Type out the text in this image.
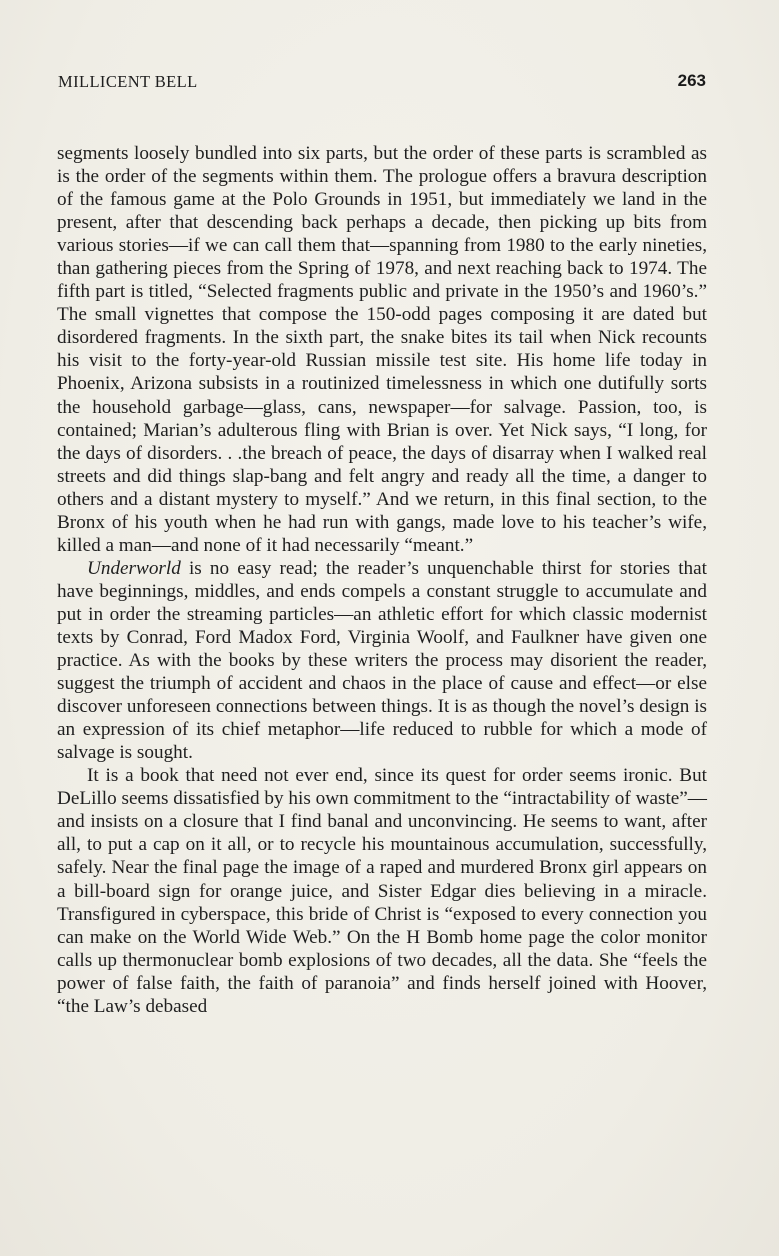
MILLICENT BELL	263

segments loosely bundled into six parts, but the order of these parts is scrambled as is the order of the segments within them. The prologue offers a bravura description of the famous game at the Polo Grounds in 1951, but immediately we land in the present, after that descending back perhaps a decade, then picking up bits from various stories—if we can call them that—spanning from 1980 to the early nineties, than gathering pieces from the Spring of 1978, and next reaching back to 1974. The fifth part is titled, “Selected fragments public and private in the 1950’s and 1960’s.” The small vignettes that compose the 150-odd pages composing it are dated but disordered fragments. In the sixth part, the snake bites its tail when Nick recounts his visit to the forty-year-old Russian missile test site. His home life today in Phoenix, Arizona subsists in a routinized timelessness in which one dutifully sorts the household garbage—glass, cans, newspaper—for salvage. Passion, too, is contained; Marian’s adulterous fling with Brian is over. Yet Nick says, “I long, for the days of disorders. . .the breach of peace, the days of disarray when I walked real streets and did things slap-bang and felt angry and ready all the time, a danger to others and a distant mystery to myself.” And we return, in this final section, to the Bronx of his youth when he had run with gangs, made love to his teacher’s wife, killed a man—and none of it had necessarily “meant.”

Underworld is no easy read; the reader’s unquenchable thirst for stories that have beginnings, middles, and ends compels a constant struggle to accumulate and put in order the streaming particles—an athletic effort for which classic modernist texts by Conrad, Ford Madox Ford, Virginia Woolf, and Faulkner have given one practice. As with the books by these writers the process may disorient the reader, suggest the triumph of accident and chaos in the place of cause and effect—or else discover unforeseen connections between things. It is as though the novel’s design is an expression of its chief metaphor—life reduced to rubble for which a mode of salvage is sought.

It is a book that need not ever end, since its quest for order seems ironic. But DeLillo seems dissatisfied by his own commitment to the “intractability of waste”—and insists on a closure that I find banal and unconvincing. He seems to want, after all, to put a cap on it all, or to recycle his mountainous accumulation, successfully, safely. Near the final page the image of a raped and murdered Bronx girl appears on a bill-board sign for orange juice, and Sister Edgar dies believing in a miracle. Transfigured in cyberspace, this bride of Christ is “exposed to every connection you can make on the World Wide Web.” On the H Bomb home page the color monitor calls up thermonuclear bomb explosions of two decades, all the data. She “feels the power of false faith, the faith of paranoia” and finds herself joined with Hoover, “the Law’s debased
